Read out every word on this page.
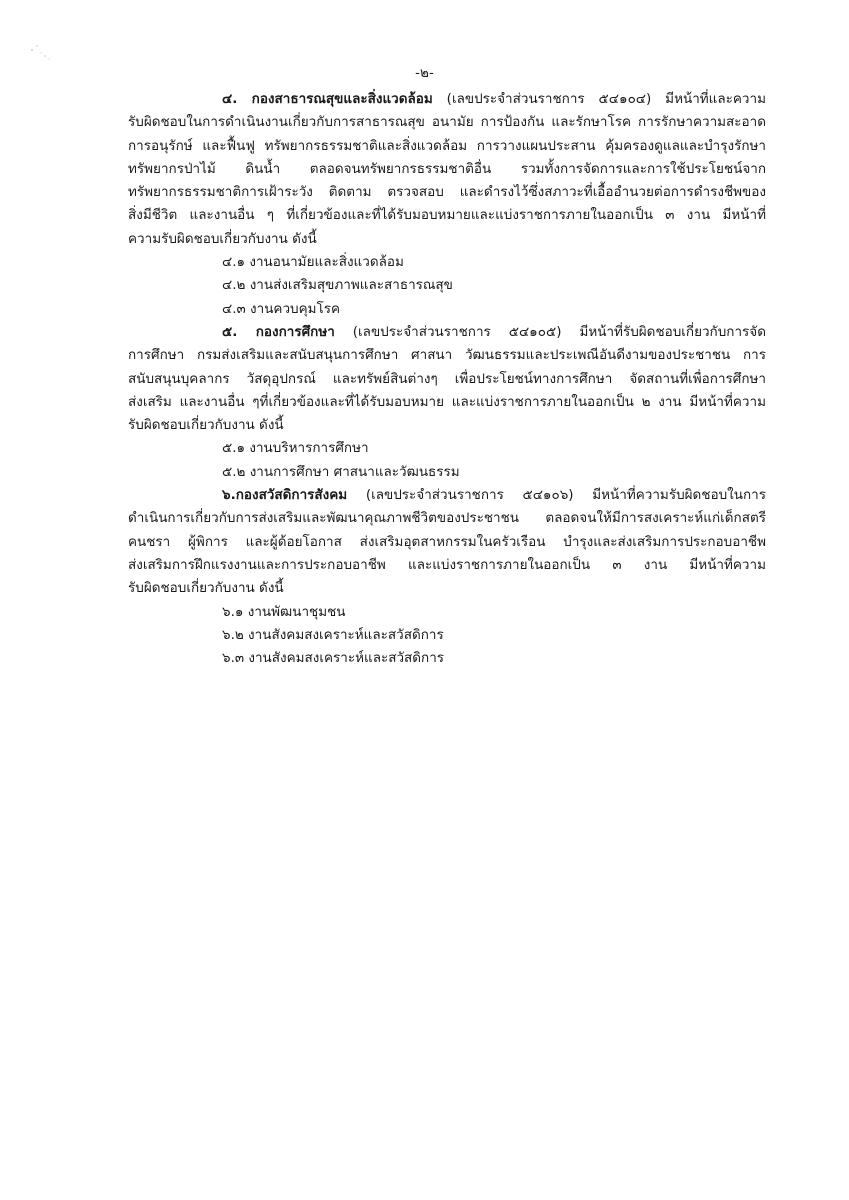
-๒-
๔. กองสาธารณสุขและสิ่งแวดล้อม (เลขประจำส่วนราชการ ๕๔๑๐๔) มีหน้าที่และความ
รับผิดชอบในการดำเนินงานเกี่ยวกับการสาธารณสุข อนามัย การป้องกัน และรักษาโรค การรักษาความสะอาด
การอนุรักษ์ และฟื้นฟู ทรัพยากรธรรมชาติและสิ่งแวดล้อม การวางแผนประสาน คุ้มครองดูแลและบำรุงรักษา
ทรัพยากรป่าไม้ ดินน้ำ ตลอดจนทรัพยากรธรรมชาติอื่น รวมทั้งการจัดการและการใช้ประโยชน์จาก
ทรัพยากรธรรมชาติการเฝ้าระวัง ติดตาม ตรวจสอบ และดำรงไว้ซึ่งสภาวะที่เอื้ออำนวยต่อการดำรงชีพของ
สิ่งมีชีวิต และงานอื่น ๆ ที่เกี่ยวข้องและที่ได้รับมอบหมายและแบ่งราชการภายในออกเป็น ๓ งาน มีหน้าที่
ความรับผิดชอบเกี่ยวกับงาน ดังนี้
๔.๑ งานอนามัยและสิ่งแวดล้อม
๔.๒ งานส่งเสริมสุขภาพและสาธารณสุข
๔.๓ งานควบคุมโรค
๕. กองการศึกษา (เลขประจำส่วนราชการ ๕๔๑๐๕) มีหน้าที่รับผิดชอบเกี่ยวกับการจัด
การศึกษา กรมส่งเสริมและสนับสนุนการศึกษา ศาสนา วัฒนธรรมและประเพณีอันดีงามของประชาชน การ
สนับสนุนบุคลากร วัสดุอุปกรณ์ และทรัพย์สินต่างๆ เพื่อประโยชน์ทางการศึกษา จัดสถานที่เพื่อการศึกษา
ส่งเสริม และงานอื่น ๆที่เกี่ยวข้องและที่ได้รับมอบหมาย และแบ่งราชการภายในออกเป็น ๒ งาน มีหน้าที่ความ
รับผิดชอบเกี่ยวกับงาน ดังนี้
๕.๑ งานบริหารการศึกษา
๕.๒ งานการศึกษา ศาสนาและวัฒนธรรม
๖.กองสวัสดิการสังคม (เลขประจำส่วนราชการ ๕๔๑๐๖) มีหน้าที่ความรับผิดชอบในการ
ดำเนินการเกี่ยวกับการส่งเสริมและพัฒนาคุณภาพชีวิตของประชาชน ตลอดจนให้มีการสงเคราะห์แก่เด็กสตรี
คนชรา ผู้พิการ และผู้ด้อยโอกาส ส่งเสริมอุตสาหกรรมในครัวเรือน บำรุงและส่งเสริมการประกอบอาชีพ
ส่งเสริมการฝึกแรงงานและการประกอบอาชีพ และแบ่งราชการภายในออกเป็น ๓ งาน มีหน้าที่ความ
รับผิดชอบเกี่ยวกับงาน ดังนี้
๖.๑ งานพัฒนาชุมชน
๖.๒ งานสังคมสงเคราะห์และสวัสดิการ
๖.๓ งานสังคมสงเคราะห์และสวัสดิการ
